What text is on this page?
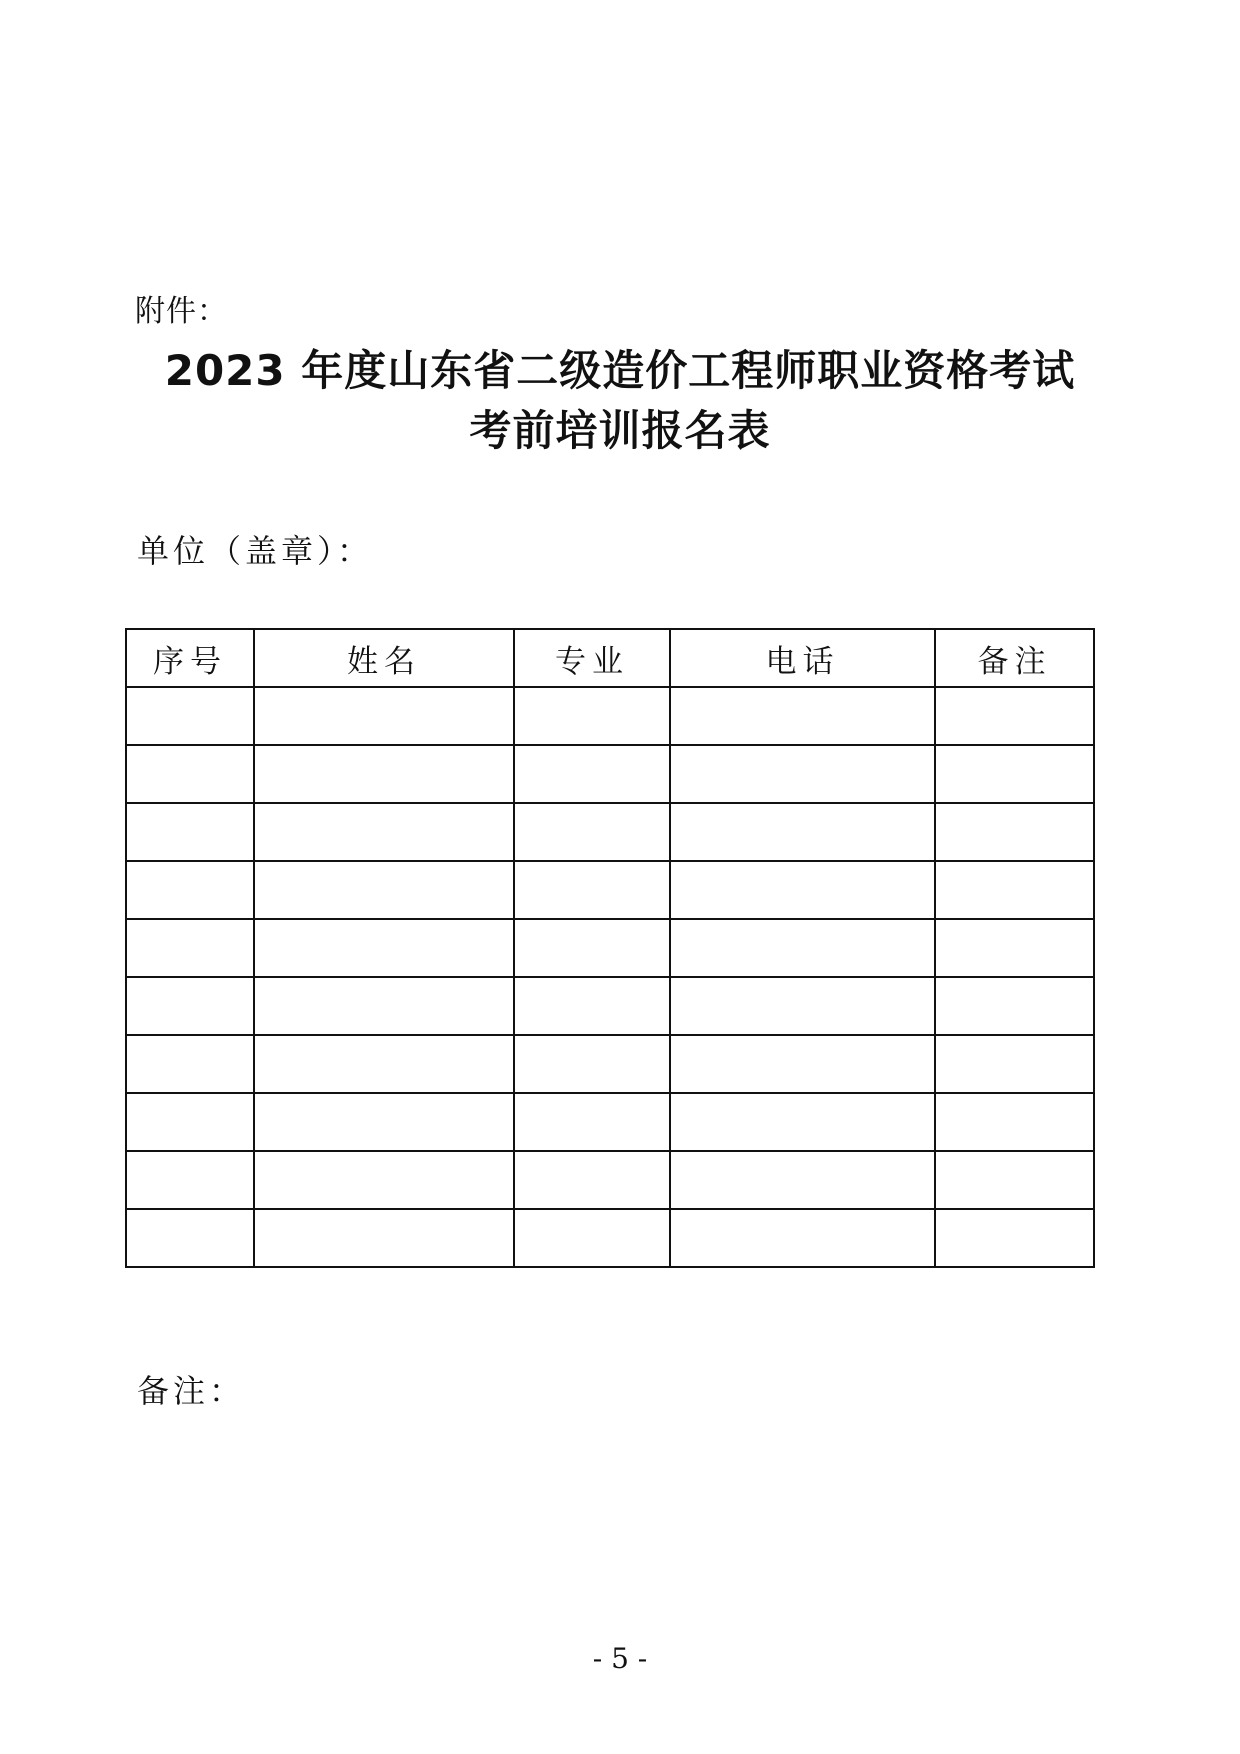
附件：
2023 年度山东省二级造价工程师职业资格考试
考前培训报名表
单位（盖章）：
序号	姓名	专业	电话	备注

备注：
- 5 -
